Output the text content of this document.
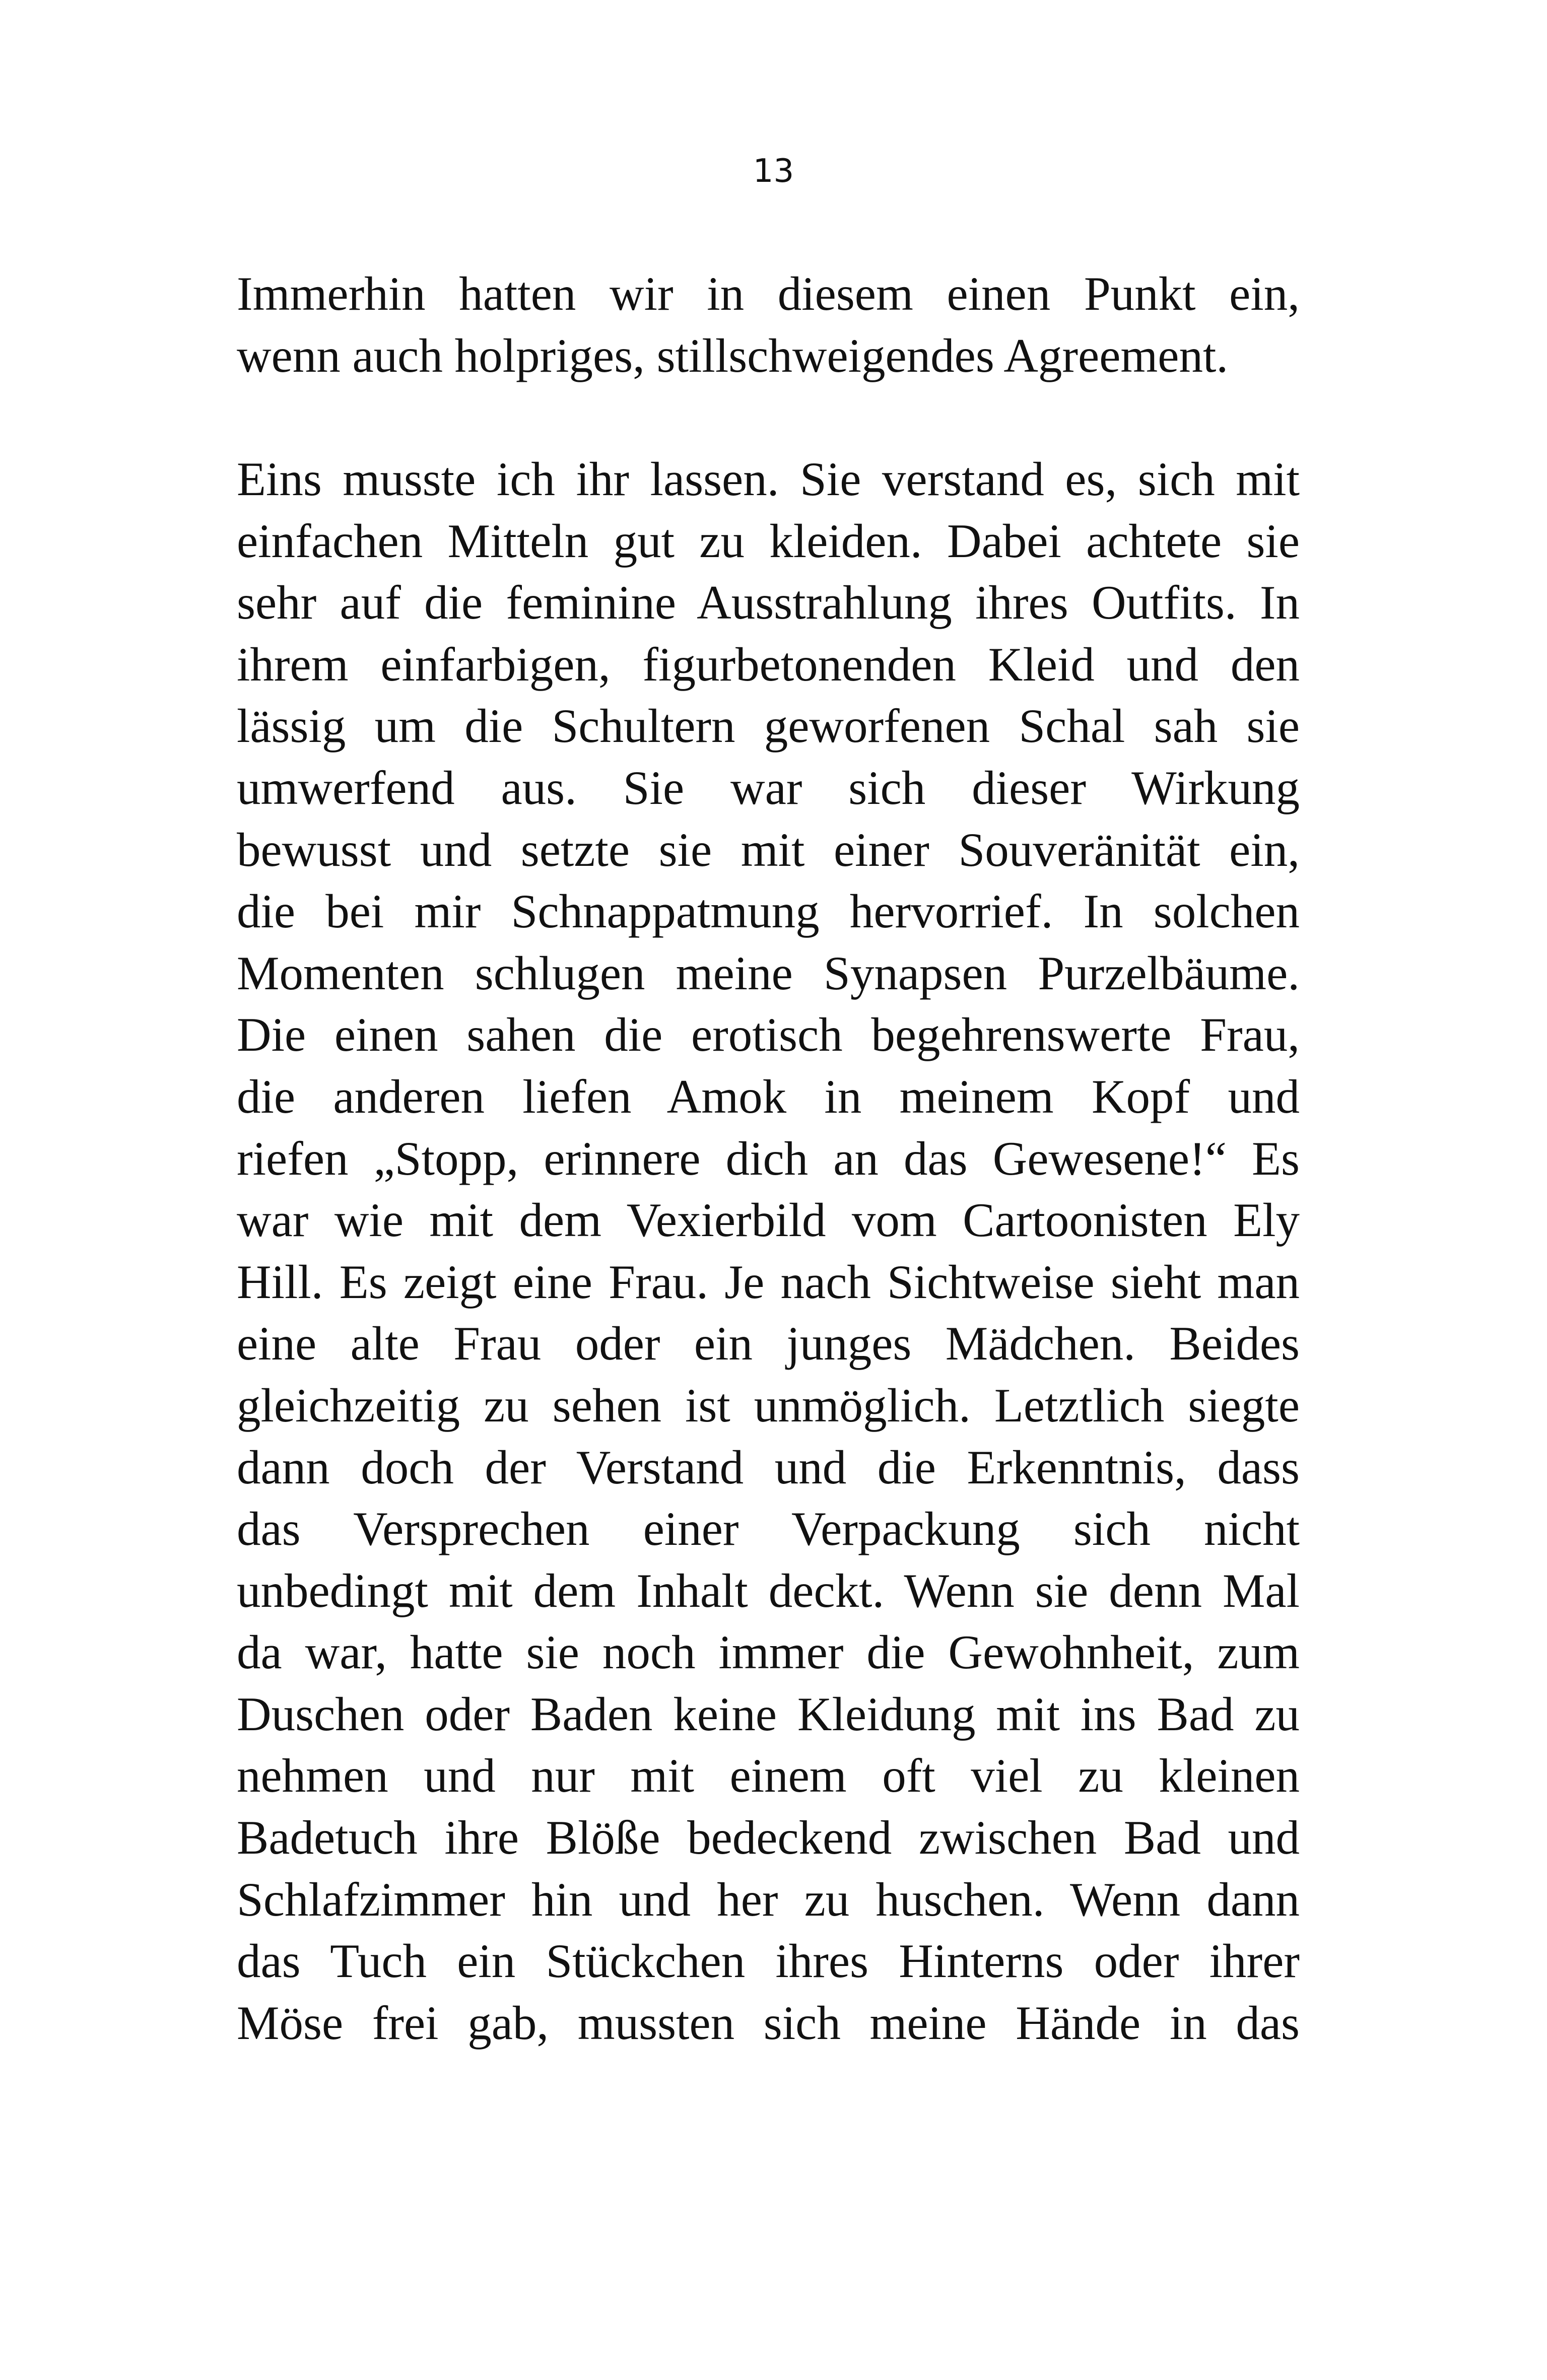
13
Immerhin hatten wir in diesem einen Punkt ein,
wenn auch holpriges, stillschweigendes Agreement.
Eins musste ich ihr lassen. Sie verstand es, sich mit
einfachen Mitteln gut zu kleiden. Dabei achtete sie
sehr auf die feminine Ausstrahlung ihres Outfits. In
ihrem einfarbigen, figurbetonenden Kleid und den
lässig um die Schultern geworfenen Schal sah sie
umwerfend aus. Sie war sich dieser Wirkung
bewusst und setzte sie mit einer Souveränität ein,
die bei mir Schnappatmung hervorrief. In solchen
Momenten schlugen meine Synapsen Purzelbäume.
Die einen sahen die erotisch begehrenswerte Frau,
die anderen liefen Amok in meinem Kopf und
riefen „Stopp, erinnere dich an das Gewesene!“ Es
war wie mit dem Vexierbild vom Cartoonisten Ely
Hill. Es zeigt eine Frau. Je nach Sichtweise sieht man
eine alte Frau oder ein junges Mädchen. Beides
gleichzeitig zu sehen ist unmöglich. Letztlich siegte
dann doch der Verstand und die Erkenntnis, dass
das Versprechen einer Verpackung sich nicht
unbedingt mit dem Inhalt deckt. Wenn sie denn Mal
da war, hatte sie noch immer die Gewohnheit, zum
Duschen oder Baden keine Kleidung mit ins Bad zu
nehmen und nur mit einem oft viel zu kleinen
Badetuch ihre Blöße bedeckend zwischen Bad und
Schlafzimmer hin und her zu huschen. Wenn dann
das Tuch ein Stückchen ihres Hinterns oder ihrer
Möse frei gab, mussten sich meine Hände in das
